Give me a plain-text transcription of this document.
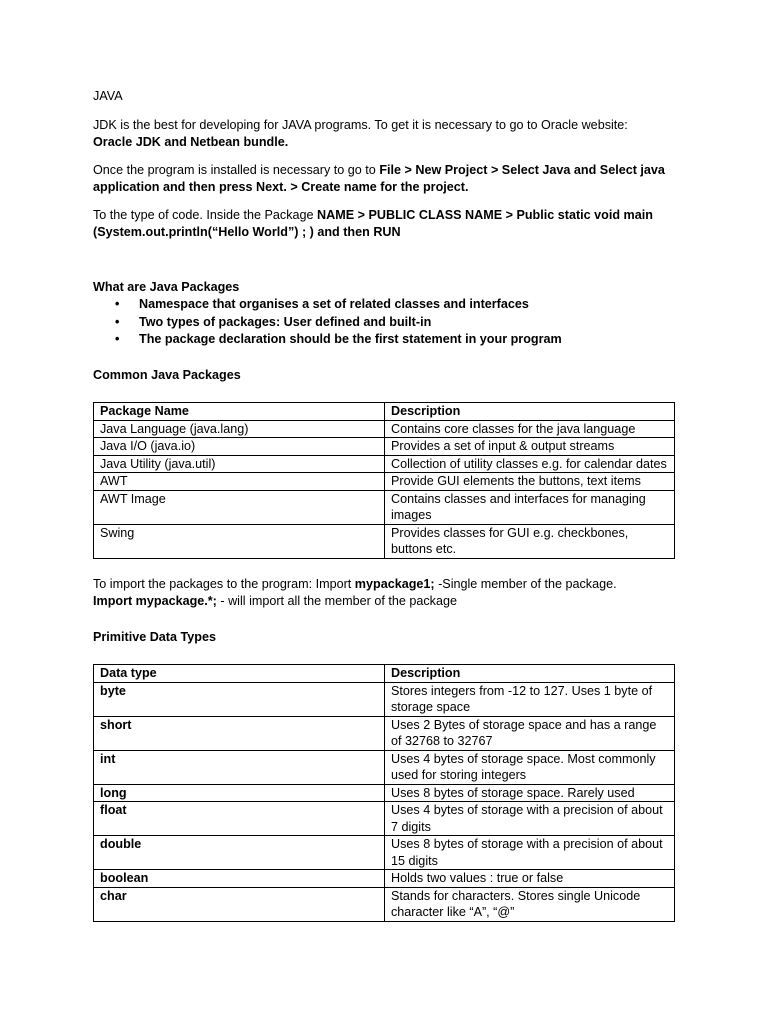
JAVA

JDK is the best for developing for JAVA programs. To get it is necessary to go to Oracle website:
Oracle JDK and Netbean bundle.

Once the program is installed is necessary to go to File > New Project > Select Java and Select java application and then press Next. > Create name for the project.

To the type of code. Inside the Package NAME > PUBLIC CLASS NAME > Public static void main (System.out.println(“Hello World”) ; ) and then RUN

What are Java Packages

• Namespace that organises a set of related classes and interfaces
• Two types of packages: User defined and built-in
• The package declaration should be the first statement in your program

Common Java Packages

Package Name	Description
Java Language (java.lang)	Contains core classes for the java language
Java I/O (java.io)	Provides a set of input & output streams
Java Utility (java.util)	Collection of utility classes e.g. for calendar dates
AWT	Provide GUI elements the buttons, text items
AWT Image	Contains classes and interfaces for managing images
Swing	Provides classes for GUI e.g. checkbones, buttons etc.

To import the packages to the program: Import mypackage1; -Single member of the package.
Import mypackage.*; - will import all the member of the package

Primitive Data Types

Data type	Description
byte	Stores integers from -12 to 127. Uses 1 byte of storage space
short	Uses 2 Bytes of storage space and has a range of 32768 to 32767
int	Uses 4 bytes of storage space. Most commonly used for storing integers
long	Uses 8 bytes of storage space. Rarely used
float	Uses 4 bytes of storage with a precision of about 7 digits
double	Uses 8 bytes of storage with a precision of about 15 digits
boolean	Holds two values : true or false
char	Stands for characters. Stores single Unicode character like “A”, “@”
